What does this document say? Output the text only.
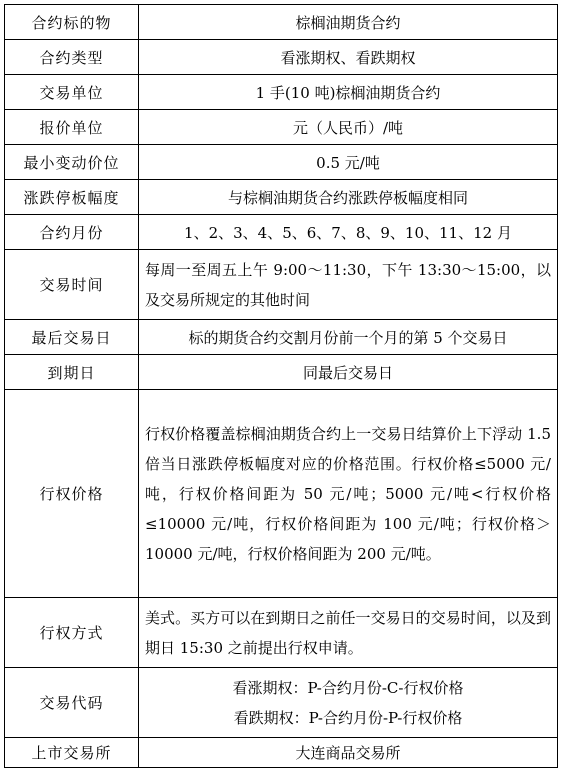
合约标的物	棕榈油期货合约
合约类型	看涨期权、看跌期权
交易单位	1 手(10 吨)棕榈油期货合约
报价单位	元（人民币）/吨
最小变动价位	0.5 元/吨
涨跌停板幅度	与棕榈油期货合约涨跌停板幅度相同
合约月份	1、2、3、4、5、6、7、8、9、10、11、12 月
交易时间	每周一至周五上午 9:00～11:30，下午 13:30～15:00，以及交易所规定的其他时间
最后交易日	标的期货合约交割月份前一个月的第 5 个交易日
到期日	同最后交易日
行权价格	行权价格覆盖棕榈油期货合约上一交易日结算价上下浮动 1.5 倍当日涨跌停板幅度对应的价格范围。行权价格≤5000 元/吨，行权价格间距为 50 元/吨；5000 元/吨<行权价格≤10000 元/吨，行权价格间距为 100 元/吨；行权价格＞10000 元/吨，行权价格间距为 200 元/吨。
行权方式	美式。买方可以在到期日之前任一交易日的交易时间，以及到期日 15:30 之前提出行权申请。
交易代码	看涨期权：P-合约月份-C-行权价格
看跌期权：P-合约月份-P-行权价格

上市交易所	大连商品交易所
